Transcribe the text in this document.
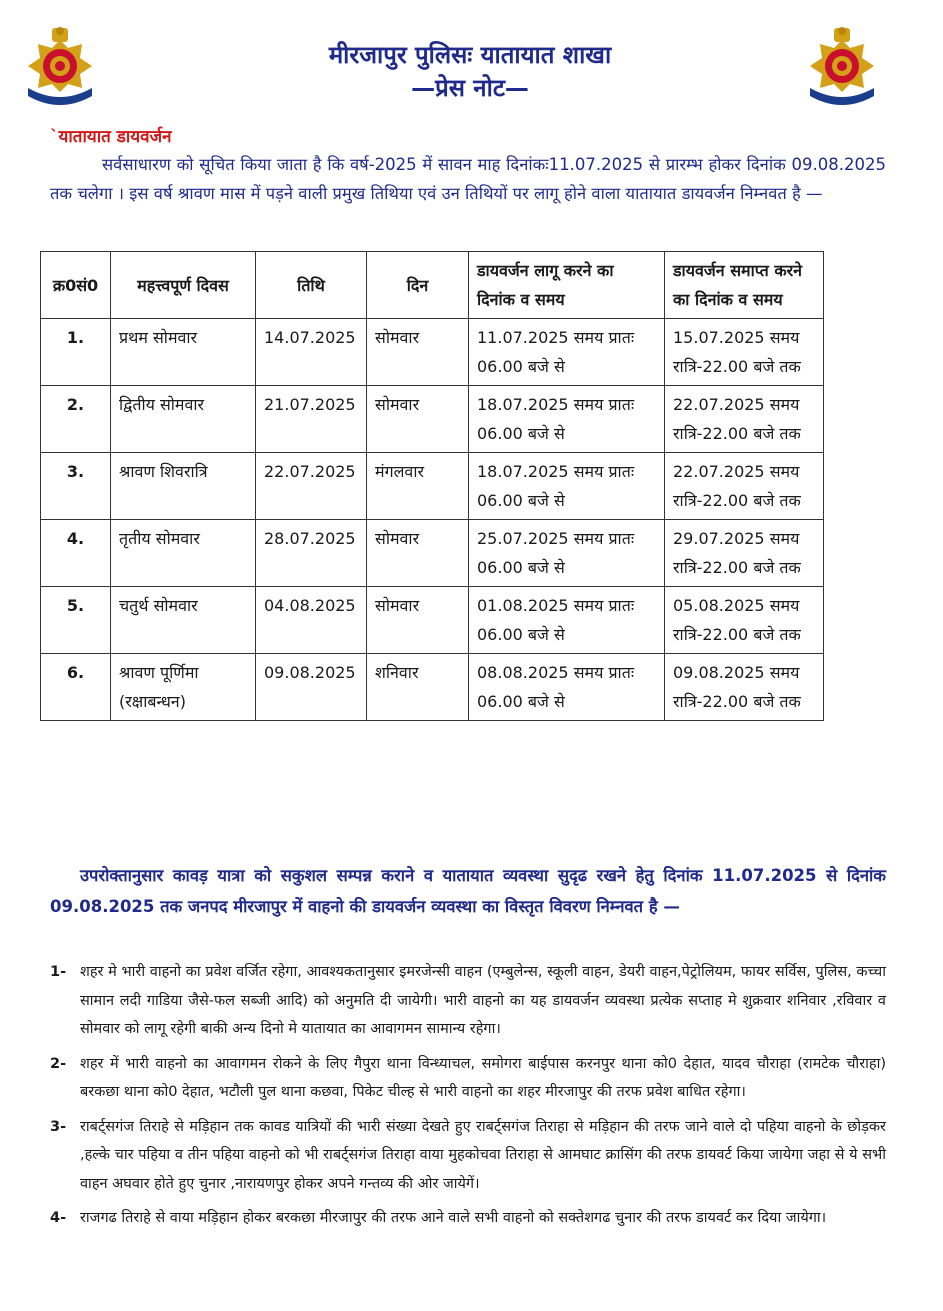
मीरजापुर पुलिसः यातायात शाखा
—प्रेस नोट—
`यातायात डायवर्जन
सर्वसाधारण को सूचित किया जाता है कि वर्ष-2025 में सावन माह दिनांकः11.07.2025 से प्रारम्भ होकर दिनांक 09.08.2025 तक चलेगा । इस वर्ष श्रावण मास में पड़ने वाली प्रमुख तिथिया एवं उन तिथियों पर लागू होने वाला यातायात डायवर्जन निम्नवत है —
क्र0सं0	महत्त्वपूर्ण दिवस	तिथि	दिन	डायवर्जन लागू करने का दिनांक व समय	डायवर्जन समाप्त करने का दिनांक व समय
1.	प्रथम सोमवार	14.07.2025	सोमवार	11.07.2025 समय प्रातः 06.00 बजे से	15.07.2025 समय रात्रि-22.00 बजे तक
2.	द्वितीय सोमवार	21.07.2025	सोमवार	18.07.2025 समय प्रातः 06.00 बजे से	22.07.2025 समय रात्रि-22.00 बजे तक
3.	श्रावण शिवरात्रि	22.07.2025	मंगलवार	18.07.2025 समय प्रातः 06.00 बजे से	22.07.2025 समय रात्रि-22.00 बजे तक
4.	तृतीय सोमवार	28.07.2025	सोमवार	25.07.2025 समय प्रातः 06.00 बजे से	29.07.2025 समय रात्रि-22.00 बजे तक
5.	चतुर्थ सोमवार	04.08.2025	सोमवार	01.08.2025 समय प्रातः 06.00 बजे से	05.08.2025 समय रात्रि-22.00 बजे तक
6.	श्रावण पूर्णिमा (रक्षाबन्धन)	09.08.2025	शनिवार	08.08.2025 समय प्रातः 06.00 बजे से	09.08.2025 समय रात्रि-22.00 बजे तक
उपरोक्तानुसार कावड़ यात्रा को सकुशल सम्पन्न कराने व यातायात व्यवस्था सुदृढ रखने हेतु दिनांक 11.07.2025 से दिनांक 09.08.2025 तक जनपद मीरजापुर में वाहनो की डायवर्जन व्यवस्था का विस्तृत विवरण निम्नवत है —
1- शहर मे भारी वाहनो का प्रवेश वर्जित रहेगा, आवश्यकतानुसार इमरजेन्सी वाहन (एम्बुलेन्स, स्कूली वाहन, डेयरी वाहन,पेट्रोलियम, फायर सर्विस, पुलिस, कच्चा सामान लदी गाडिया जैसे-फल सब्जी आदि) को अनुमति दी जायेगी। भारी वाहनो का यह डायवर्जन व्यवस्था प्रत्येक सप्ताह मे शुक्रवार शनिवार ,रविवार व सोमवार को लागू रहेगी बाकी अन्य दिनो मे यातायात का आवागमन सामान्य रहेगा।
2- शहर में भारी वाहनो का आवागमन रोकने के लिए गैपुरा थाना विन्ध्याचल, समोगरा बाईपास करनपुर थाना को0 देहात, यादव चौराहा (रामटेक चौराहा) बरकछा थाना को0 देहात, भटौली पुल थाना कछवा, पिकेट चील्ह से भारी वाहनो का शहर मीरजापुर की तरफ प्रवेश बाधित रहेगा।
3- राबर्ट्सगंज तिराहे से मड़िहान तक कावड यात्रियों की भारी संख्या देखते हुए राबर्ट्सगंज तिराहा से मड़िहान की तरफ जाने वाले दो पहिया वाहनो के छोड़कर ,हल्के चार पहिया व तीन पहिया वाहनो को भी राबर्ट्सगंज तिराहा वाया मुहकोचवा तिराहा से आमघाट क्रासिंग की तरफ डायवर्ट किया जायेगा जहा से ये सभी वाहन अघवार होते हुए चुनार ,नारायणपुर होकर अपने गन्तव्य की ओर जायेगें।
4- राजगढ तिराहे से वाया मड़िहान होकर बरकछा मीरजापुर की तरफ आने वाले सभी वाहनो को सक्तेशगढ चुनार की तरफ डायवर्ट कर दिया जायेगा।
